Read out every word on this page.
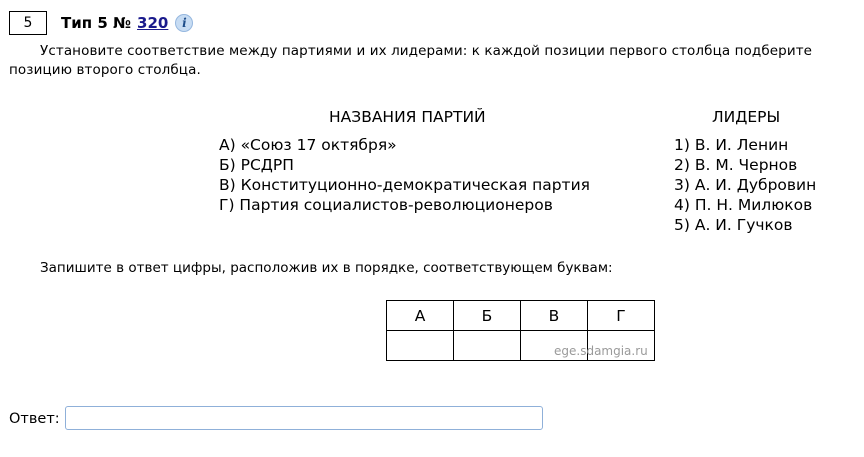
5	Тип 5 № 320	i
Установите соответствие между партиями и их лидерами: к каждой позиции первого столбца подберите
позицию второго столбца.
НАЗВАНИЯ ПАРТИЙ
А) «Союз 17 октября»
Б) РСДРП
В) Конституционно-демократическая партия
Г) Партия социалистов-революционеров
ЛИДЕРЫ
1) В. И. Ленин
2) В. М. Чернов
3) А. И. Дубровин
4) П. Н. Милюков
5) А. И. Гучков
Запишите в ответ цифры, расположив их в порядке, соответствующем буквам:
А	Б	В	Г

ege.sdamgia.ru
Ответ:
